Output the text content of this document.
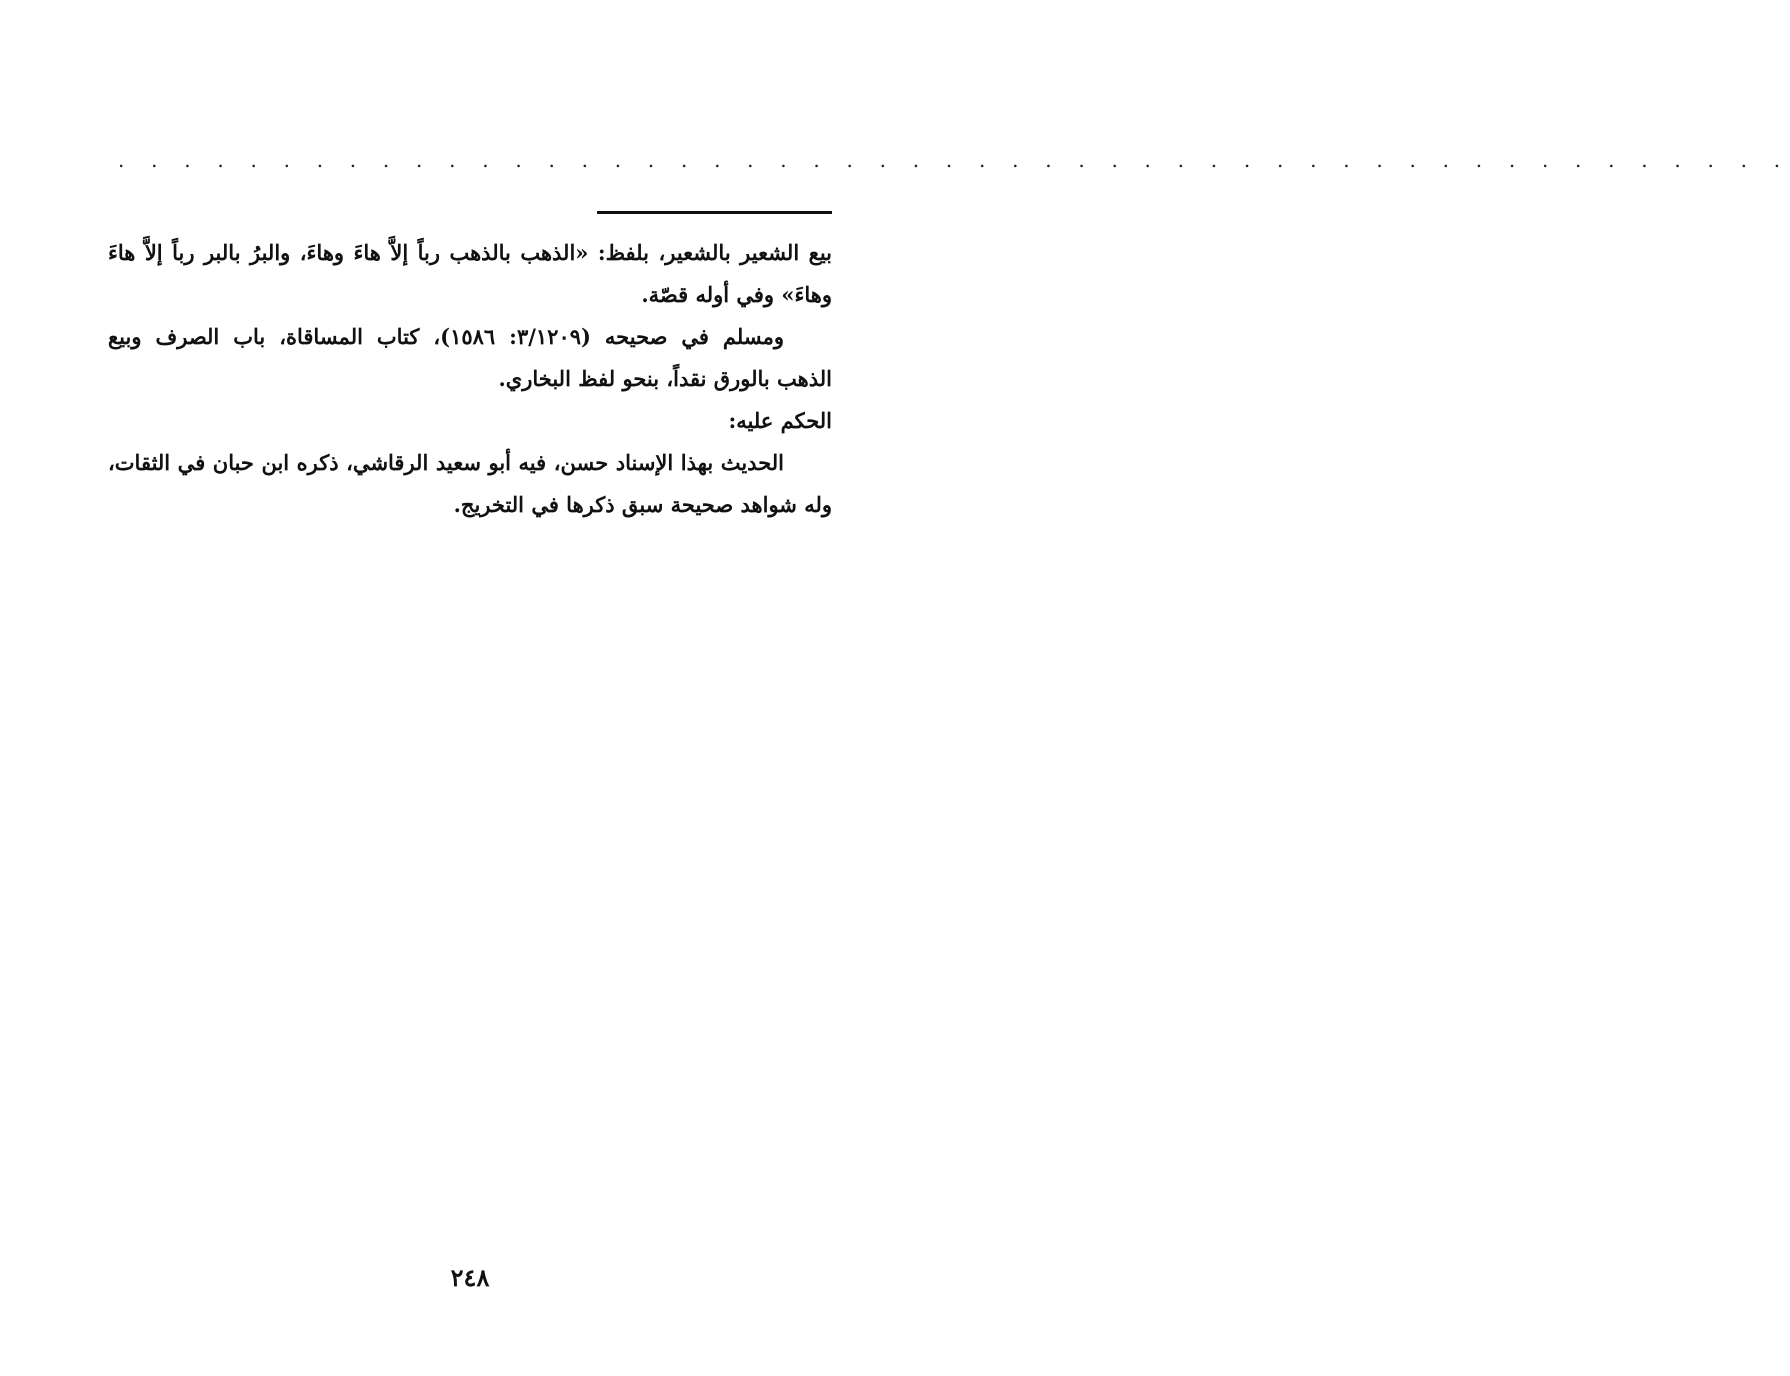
. . . . . . . . . . . . . . . . . . . . . . . . . . . . . . . . . . . . . . . . . . . . . . . . . . .

بيع الشعير بالشعير، بلفظ: «الذهب بالذهب رباً إلاَّ هاءَ وهاءَ، والبرُ بالبر رباً إلاَّ هاءَ وهاءَ» وفي أوله قصّة.

ومسلم في صحيحه (٣/١٢٠٩: ١٥٨٦)، كتاب المساقاة، باب الصرف وبيع الذهب بالورق نقداً، بنحو لفظ البخاري.

الحكم عليه:

الحديث بهذا الإسناد حسن، فيه أبو سعيد الرقاشي، ذكره ابن حبان في الثقات، وله شواهد صحيحة سبق ذكرها في التخريج.

٢٤٨
